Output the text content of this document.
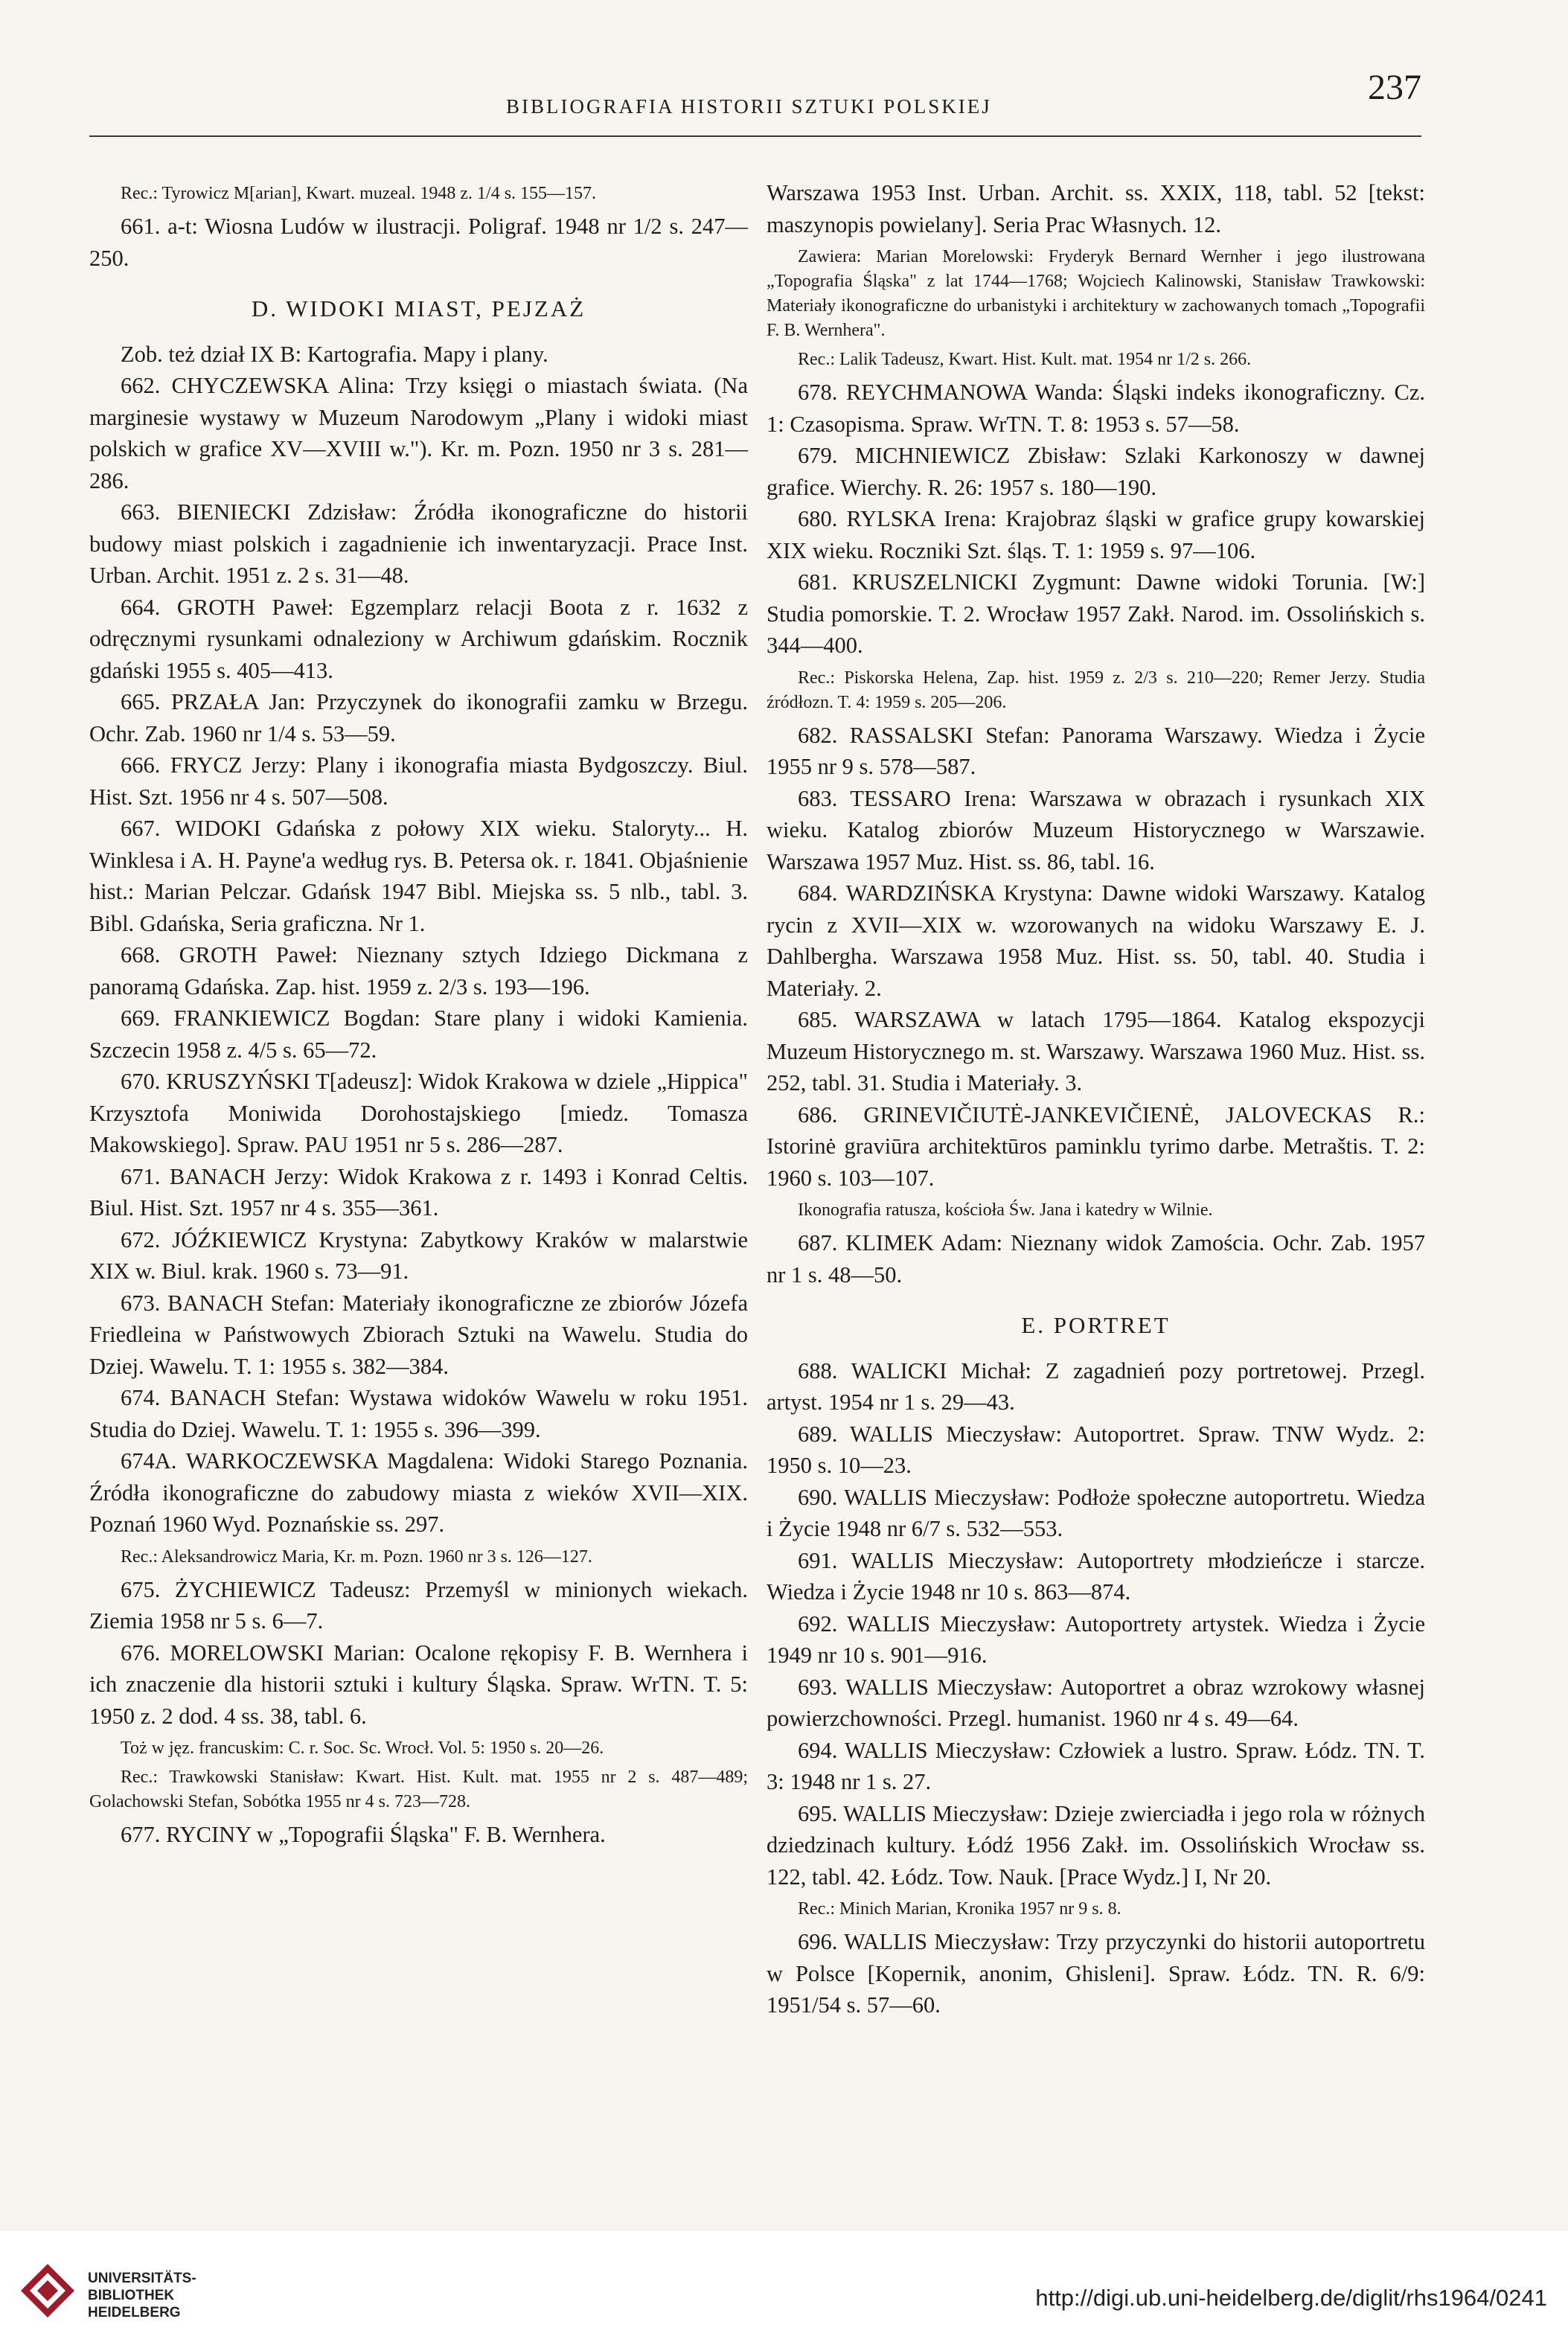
BIBLIOGRAFIA HISTORII SZTUKI POLSKIEJ	237

Rec.: Tyrowicz M[arian], Kwart. muzeal. 1948 z. 1/4 s. 155—157.

661. a-t: Wiosna Ludów w ilustracji. Poligraf. 1948 nr 1/2 s. 247—250.

D. WIDOKI MIAST, PEJZAŻ

Zob. też dział IX B: Kartografia. Mapy i plany.

662. CHYCZEWSKA Alina: Trzy księgi o miastach świata. (Na marginesie wystawy w Muzeum Narodowym „Plany i widoki miast polskich w grafice XV—XVIII w."). Kr. m. Pozn. 1950 nr 3 s. 281—286.

663. BIENIECKI Zdzisław: Źródła ikonograficzne do historii budowy miast polskich i zagadnienie ich inwentaryzacji. Prace Inst. Urban. Archit. 1951 z. 2 s. 31—48.

664. GROTH Paweł: Egzemplarz relacji Boota z r. 1632 z odręcznymi rysunkami odnaleziony w Archiwum gdańskim. Rocznik gdański 1955 s. 405—413.

665. PRZAŁA Jan: Przyczynek do ikonografii zamku w Brzegu. Ochr. Zab. 1960 nr 1/4 s. 53—59.

666. FRYCZ Jerzy: Plany i ikonografia miasta Bydgoszczy. Biul. Hist. Szt. 1956 nr 4 s. 507—508.

667. WIDOKI Gdańska z połowy XIX wieku. Staloryty... H. Winklesa i A. H. Payne'a według rys. B. Petersa ok. r. 1841. Objaśnienie hist.: Marian Pelczar. Gdańsk 1947 Bibl. Miejska ss. 5 nlb., tabl. 3. Bibl. Gdańska, Seria graficzna. Nr 1.

668. GROTH Paweł: Nieznany sztych Idziego Dickmana z panoramą Gdańska. Zap. hist. 1959 z. 2/3 s. 193—196.

669. FRANKIEWICZ Bogdan: Stare plany i widoki Kamienia. Szczecin 1958 z. 4/5 s. 65—72.

670. KRUSZYŃSKI T[adeusz]: Widok Krakowa w dziele „Hippica" Krzysztofa Moniwida Dorohostajskiego [miedz. Tomasza Makowskiego]. Spraw. PAU 1951 nr 5 s. 286—287.

671. BANACH Jerzy: Widok Krakowa z r. 1493 i Konrad Celtis. Biul. Hist. Szt. 1957 nr 4 s. 355—361.

672. JÓŹKIEWICZ Krystyna: Zabytkowy Kraków w malarstwie XIX w. Biul. krak. 1960 s. 73—91.

673. BANACH Stefan: Materiały ikonograficzne ze zbiorów Józefa Friedleina w Państwowych Zbiorach Sztuki na Wawelu. Studia do Dziej. Wawelu. T. 1: 1955 s. 382—384.

674. BANACH Stefan: Wystawa widoków Wawelu w roku 1951. Studia do Dziej. Wawelu. T. 1: 1955 s. 396—399.

674A. WARKOCZEWSKA Magdalena: Widoki Starego Poznania. Źródła ikonograficzne do zabudowy miasta z wieków XVII—XIX. Poznań 1960 Wyd. Poznańskie ss. 297.

Rec.: Aleksandrowicz Maria, Kr. m. Pozn. 1960 nr 3 s. 126—127.

675. ŻYCHIEWICZ Tadeusz: Przemyśl w minionych wiekach. Ziemia 1958 nr 5 s. 6—7.

676. MORELOWSKI Marian: Ocalone rękopisy F. B. Wernhera i ich znaczenie dla historii sztuki i kultury Śląska. Spraw. WrTN. T. 5: 1950 z. 2 dod. 4 ss. 38, tabl. 6.

Toż w jęz. francuskim: C. r. Soc. Sc. Wrocł. Vol. 5: 1950 s. 20—26.

Rec.: Trawkowski Stanisław: Kwart. Hist. Kult. mat. 1955 nr 2 s. 487—489; Golachowski Stefan, Sobótka 1955 nr 4 s. 723—728.

677. RYCINY w „Topografii Śląska" F. B. Wernhera.

Warszawa 1953 Inst. Urban. Archit. ss. XXIX, 118, tabl. 52 [tekst: maszynopis powielany]. Seria Prac Własnych. 12.

Zawiera: Marian Morelowski: Fryderyk Bernard Wernher i jego ilustrowana „Topografia Śląska" z lat 1744—1768; Wojciech Kalinowski, Stanisław Trawkowski: Materiały ikonograficzne do urbanistyki i architektury w zachowanych tomach „Topografii F. B. Wernhera".

Rec.: Lalik Tadeusz, Kwart. Hist. Kult. mat. 1954 nr 1/2 s. 266.

678. REYCHMANOWA Wanda: Śląski indeks ikonograficzny. Cz. 1: Czasopisma. Spraw. WrTN. T. 8: 1953 s. 57—58.

679. MICHNIEWICZ Zbisław: Szlaki Karkonoszy w dawnej grafice. Wierchy. R. 26: 1957 s. 180—190.

680. RYLSKA Irena: Krajobraz śląski w grafice grupy kowarskiej XIX wieku. Roczniki Szt. śląs. T. 1: 1959 s. 97—106.

681. KRUSZELNICKI Zygmunt: Dawne widoki Torunia. [W:] Studia pomorskie. T. 2. Wrocław 1957 Zakł. Narod. im. Ossolińskich s. 344—400.

Rec.: Piskorska Helena, Zap. hist. 1959 z. 2/3 s. 210—220; Remer Jerzy. Studia źródłozn. T. 4: 1959 s. 205—206.

682. RASSALSKI Stefan: Panorama Warszawy. Wiedza i Życie 1955 nr 9 s. 578—587.

683. TESSARO Irena: Warszawa w obrazach i rysunkach XIX wieku. Katalog zbiorów Muzeum Historycznego w Warszawie. Warszawa 1957 Muz. Hist. ss. 86, tabl. 16.

684. WARDZIŃSKA Krystyna: Dawne widoki Warszawy. Katalog rycin z XVII—XIX w. wzorowanych na widoku Warszawy E. J. Dahlbergha. Warszawa 1958 Muz. Hist. ss. 50, tabl. 40. Studia i Materiały. 2.

685. WARSZAWA w latach 1795—1864. Katalog ekspozycji Muzeum Historycznego m. st. Warszawy. Warszawa 1960 Muz. Hist. ss. 252, tabl. 31. Studia i Materiały. 3.

686. GRINEVIČIUTĖ-JANKEVIČIENĖ, JALOVECKAS R.: Istorinė graviūra architektūros paminklu tyrimo darbe. Metraštis. T. 2: 1960 s. 103—107.

Ikonografia ratusza, kościoła Św. Jana i katedry w Wilnie.

687. KLIMEK Adam: Nieznany widok Zamościa. Ochr. Zab. 1957 nr 1 s. 48—50.

E. PORTRET

688. WALICKI Michał: Z zagadnień pozy portretowej. Przegl. artyst. 1954 nr 1 s. 29—43.

689. WALLIS Mieczysław: Autoportret. Spraw. TNW Wydz. 2: 1950 s. 10—23.

690. WALLIS Mieczysław: Podłoże społeczne autoportretu. Wiedza i Życie 1948 nr 6/7 s. 532—553.

691. WALLIS Mieczysław: Autoportrety młodzieńcze i starcze. Wiedza i Życie 1948 nr 10 s. 863—874.

692. WALLIS Mieczysław: Autoportrety artystek. Wiedza i Życie 1949 nr 10 s. 901—916.

693. WALLIS Mieczysław: Autoportret a obraz wzrokowy własnej powierzchowności. Przegl. humanist. 1960 nr 4 s. 49—64.

694. WALLIS Mieczysław: Człowiek a lustro. Spraw. Łódz. TN. T. 3: 1948 nr 1 s. 27.

695. WALLIS Mieczysław: Dzieje zwierciadła i jego rola w różnych dziedzinach kultury. Łódź 1956 Zakł. im. Ossolińskich Wrocław ss. 122, tabl. 42. Łódz. Tow. Nauk. [Prace Wydz.] I, Nr 20.

Rec.: Minich Marian, Kronika 1957 nr 9 s. 8.

696. WALLIS Mieczysław: Trzy przyczynki do historii autoportretu w Polsce [Kopernik, anonim, Ghisleni]. Spraw. Łódz. TN. R. 6/9: 1951/54 s. 57—60.

UNIVERSITÄTS-
BIBLIOTHEK
HEIDELBERG
http://digi.ub.uni-heidelberg.de/diglit/rhs1964/0241
